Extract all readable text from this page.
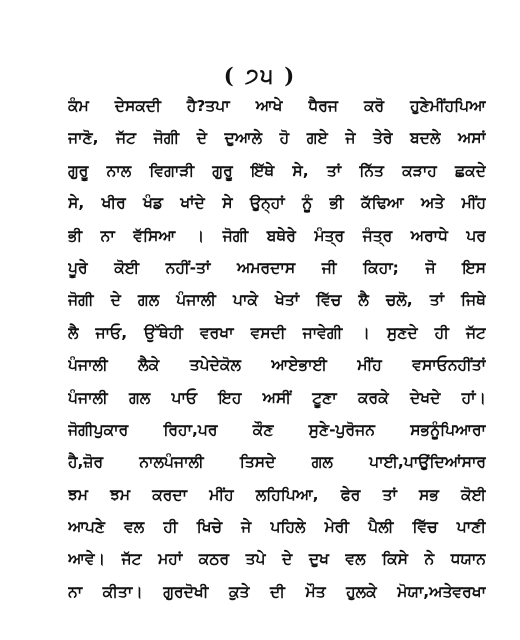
( ੭੫ )
ਕੰਮ ਦੇਸਕਦੀ ਹੈ?ਤਪਾ ਆਖੇ ਧੈਰਜ ਕਰੋ ਹੁਣੇਮੀਂਹਪਿਆ
ਜਾਣੋ, ਜੱਟ ਜੋਗੀ ਦੇ ਦੁਆਲੇ ਹੋ ਗਏ ਜੇ ਤੇਰੇ ਬਦਲੇ ਅਸਾਂ
ਗੁਰੂ ਨਾਲ ਵਿਗਾੜੀ ਗੁਰੂ ਇੱਥੇ ਸੇ, ਤਾਂ ਨਿੱਤ ਕੜਾਹ ਛਕਦੇ
ਸੇ, ਖੀਰ ਖੰਡ ਖਾਂਦੇ ਸੇ ਉਨ੍ਹਾਂ ਨੂੰ ਭੀ ਕੱਢਿਆ ਅਤੇ ਮੀਂਹ
ਭੀ ਨਾ ਵੱਸਿਆ । ਜੋਗੀ ਬਥੇਰੇ ਮੰਤ੍ਰ ਜੰਤ੍ਰ ਅਰਾਧੇ ਪਰ
ਪੂਰੇ ਕੋਈ ਨਹੀਂ-ਤਾਂ ਅਮਰਦਾਸ ਜੀ ਕਿਹਾ; ਜੋ ਇਸ
ਜੋਗੀ ਦੇ ਗਲ ਪੰਜਾਲੀ ਪਾਕੇ ਖੇਤਾਂ ਵਿੱਚ ਲੈ ਚਲੋ, ਤਾਂ ਜਿਥੇ
ਲੈ ਜਾਓ, ਉੱਥੇਹੀ ਵਰਖਾ ਵਸਦੀ ਜਾਵੇਗੀ । ਸੁਣਦੇ ਹੀ ਜੱਟ
ਪੰਜਾਲੀ ਲੈਕੇ ਤਪੇਦੇਕੋਲ ਆਏਭਾਈ ਮੀਂਹ ਵਸਾਓਨਹੀਂਤਾਂ
ਪੰਜਾਲੀ ਗਲ ਪਾਓ ਇਹ ਅਸੀਂ ਟੂਣਾ ਕਰਕੇ ਦੇਖਦੇ ਹਾਂ।
ਜੋਗੀਪੁਕਾਰ ਰਿਹਾ,ਪਰ ਕੌਣ ਸੁਣੇ-ਪੁਰੋਜਨ ਸਭਨੂੰਪਿਆਰਾ
ਹੈ,ਜ਼ੋਰ ਨਾਲਪੰਜਾਲੀ ਤਿਸਦੇ ਗਲ ਪਾਈ,ਪਾਉਂਦਿਆਂਸਾਰ
ਝਮ ਝਮ ਕਰਦਾ ਮੀਂਹ ਲਹਿਪਿਆ, ਫੇਰ ਤਾਂ ਸਭ ਕੋਈ
ਆਪਣੇ ਵਲ ਹੀ ਖਿਚੇ ਜੇ ਪਹਿਲੇ ਮੇਰੀ ਪੈਲੀ ਵਿੱਚ ਪਾਣੀ
ਆਵੇ। ਜੱਟ ਮਹਾਂ ਕਠਰ ਤਪੇ ਦੇ ਦੁਖ ਵਲ ਕਿਸੇ ਨੇ ਧਯਾਨ
ਨਾ ਕੀਤਾ। ਗੁਰਦੋਖੀ ਕੁਤੇ ਦੀ ਮੌਤ ਹੁਲਕੇ ਮੋਯਾ,ਅਤੇਵਰਖਾ
